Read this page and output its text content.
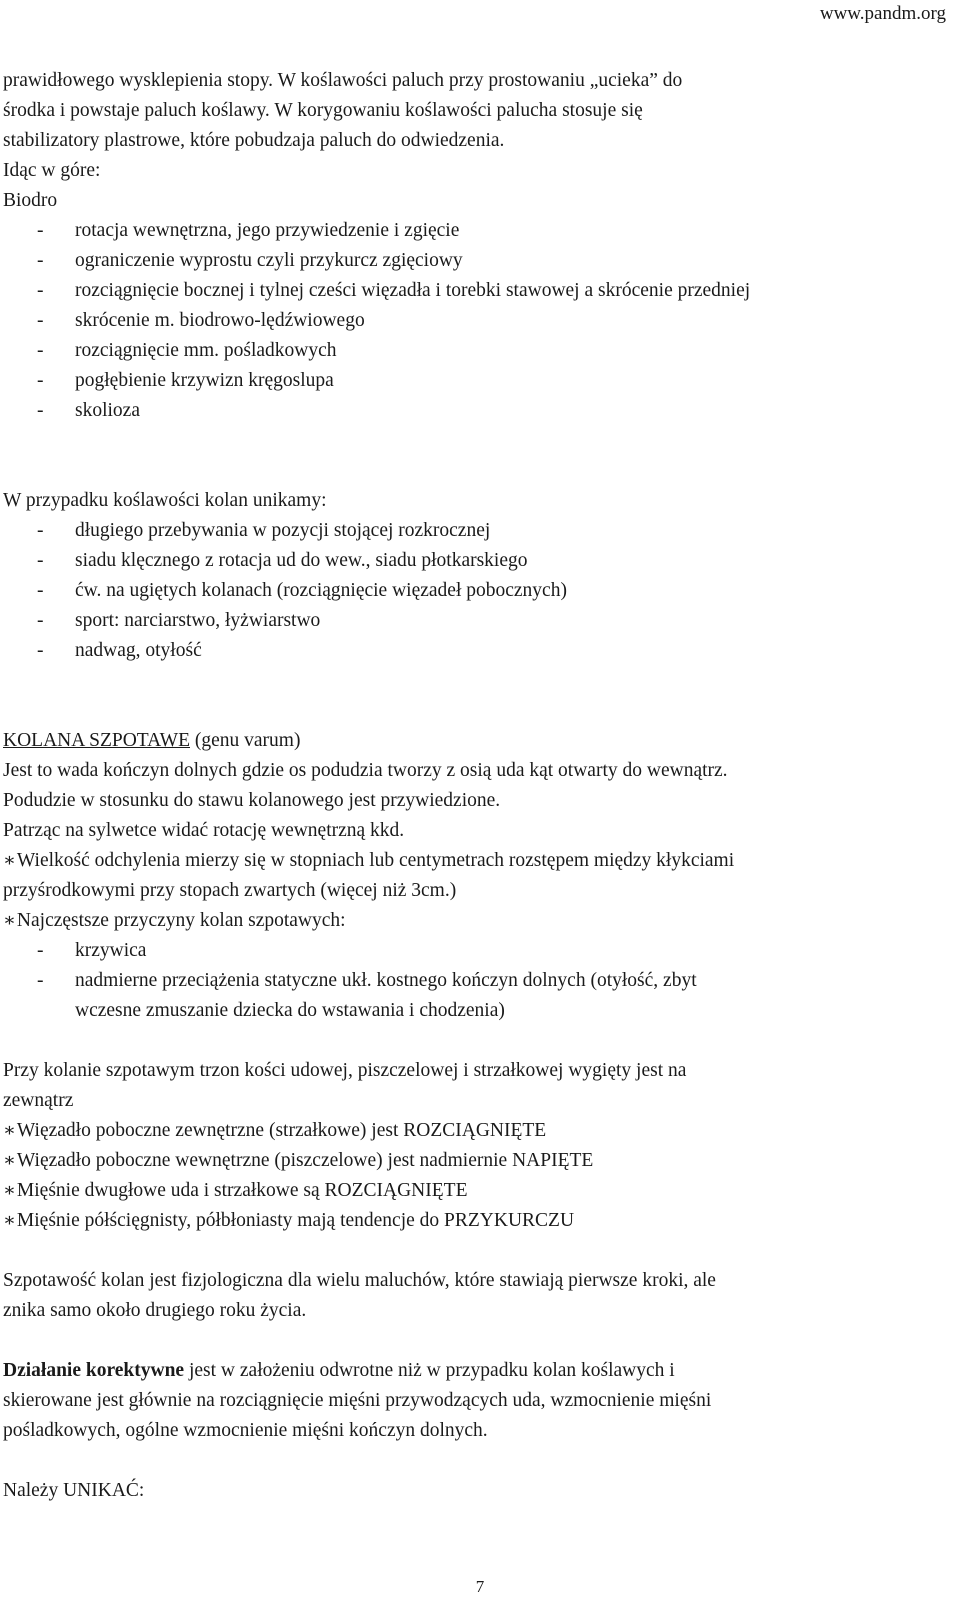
www.pandm.org

prawidłowego wysklepienia stopy. W koślawości paluch przy prostowaniu „ucieka” do

środka i powstaje paluch koślawy. W korygowaniu koślawości palucha stosuje się

stabilizatory plastrowe, które pobudzaja paluch do odwiedzenia.

Idąc w góre:

Biodro

- rotacja wewnętrzna, jego przywiedzenie i zgięcie

- ograniczenie wyprostu czyli przykurcz zgięciowy

- rozciągnięcie bocznej i tylnej cześci więzadła i torebki stawowej a skrócenie przedniej

- skrócenie m. biodrowo-lędźwiowego

- rozciągnięcie mm. pośladkowych

- pogłębienie krzywizn kręgoslupa

- skolioza

W przypadku koślawości kolan unikamy:

- długiego przebywania w pozycji stojącej rozkrocznej

- siadu klęcznego z rotacja ud do wew., siadu płotkarskiego

- ćw. na ugiętych kolanach (rozciągnięcie więzadeł pobocznych)

- sport: narciarstwo, łyżwiarstwo

- nadwag, otyłość

KOLANA SZPOTAWE (genu varum)

Jest to wada kończyn dolnych gdzie os podudzia tworzy z osią uda kąt otwarty do wewnątrz.

Podudzie w stosunku do stawu kolanowego jest przywiedzione.

Patrząc na sylwetce widać rotację wewnętrzną kkd.

∗Wielkość odchylenia mierzy się w stopniach lub centymetrach rozstępem między kłykciami

przyśrodkowymi przy stopach zwartych (więcej niż 3cm.)

∗Najczęstsze przyczyny kolan szpotawych:

- krzywica

- nadmierne przeciążenia statyczne ukł. kostnego kończyn dolnych (otyłość, zbyt

wczesne zmuszanie dziecka do wstawania i chodzenia)

Przy kolanie szpotawym trzon kości udowej, piszczelowej i strzałkowej wygięty jest na

zewnątrz

∗Więzadło poboczne zewnętrzne (strzałkowe) jest ROZCIĄGNIĘTE

∗Więzadło poboczne wewnętrzne (piszczelowe) jest nadmiernie NAPIĘTE

∗Mięśnie dwugłowe uda i strzałkowe są ROZCIĄGNIĘTE

∗Mięśnie półścięgnisty, półbłoniasty mają tendencje do PRZYKURCZU

Szpotawość kolan jest fizjologiczna dla wielu maluchów, które stawiają pierwsze kroki, ale

znika samo około drugiego roku życia.

Działanie korektywne jest w założeniu odwrotne niż w przypadku kolan koślawych i

skierowane jest głównie na rozciągnięcie mięśni przywodzących uda, wzmocnienie mięśni

pośladkowych, ogólne wzmocnienie mięśni kończyn dolnych.

Należy UNIKAĆ:

7
